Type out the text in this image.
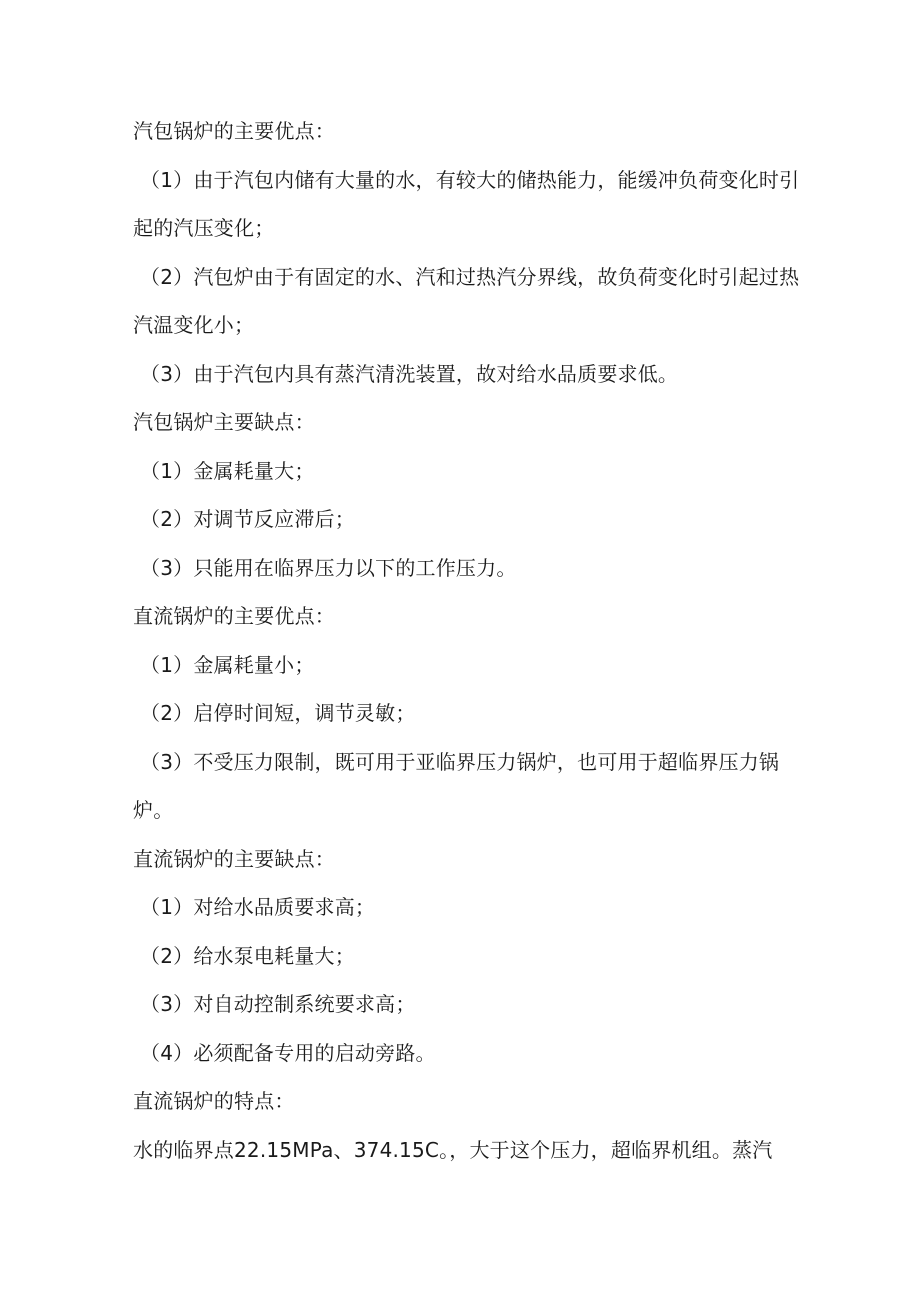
汽包锅炉的主要优点：
（1）由于汽包内储有大量的水，有较大的储热能力，能缓冲负荷变化时引
起的汽压变化；
（2）汽包炉由于有固定的水、汽和过热汽分界线，故负荷变化时引起过热
汽温变化小；
（3）由于汽包内具有蒸汽清洗装置，故对给水品质要求低。
汽包锅炉主要缺点：
（1）金属耗量大；
（2）对调节反应滞后；
（3）只能用在临界压力以下的工作压力。
直流锅炉的主要优点：
（1）金属耗量小；
（2）启停时间短，调节灵敏；
（3）不受压力限制，既可用于亚临界压力锅炉，也可用于超临界压力锅
炉。
直流锅炉的主要缺点：
（1）对给水品质要求高；
（2）给水泵电耗量大；
（3）对自动控制系统要求高；
（4）必须配备专用的启动旁路。
直流锅炉的特点：
水的临界点22.15MPa、374.15C。，大于这个压力，超临界机组。蒸汽
